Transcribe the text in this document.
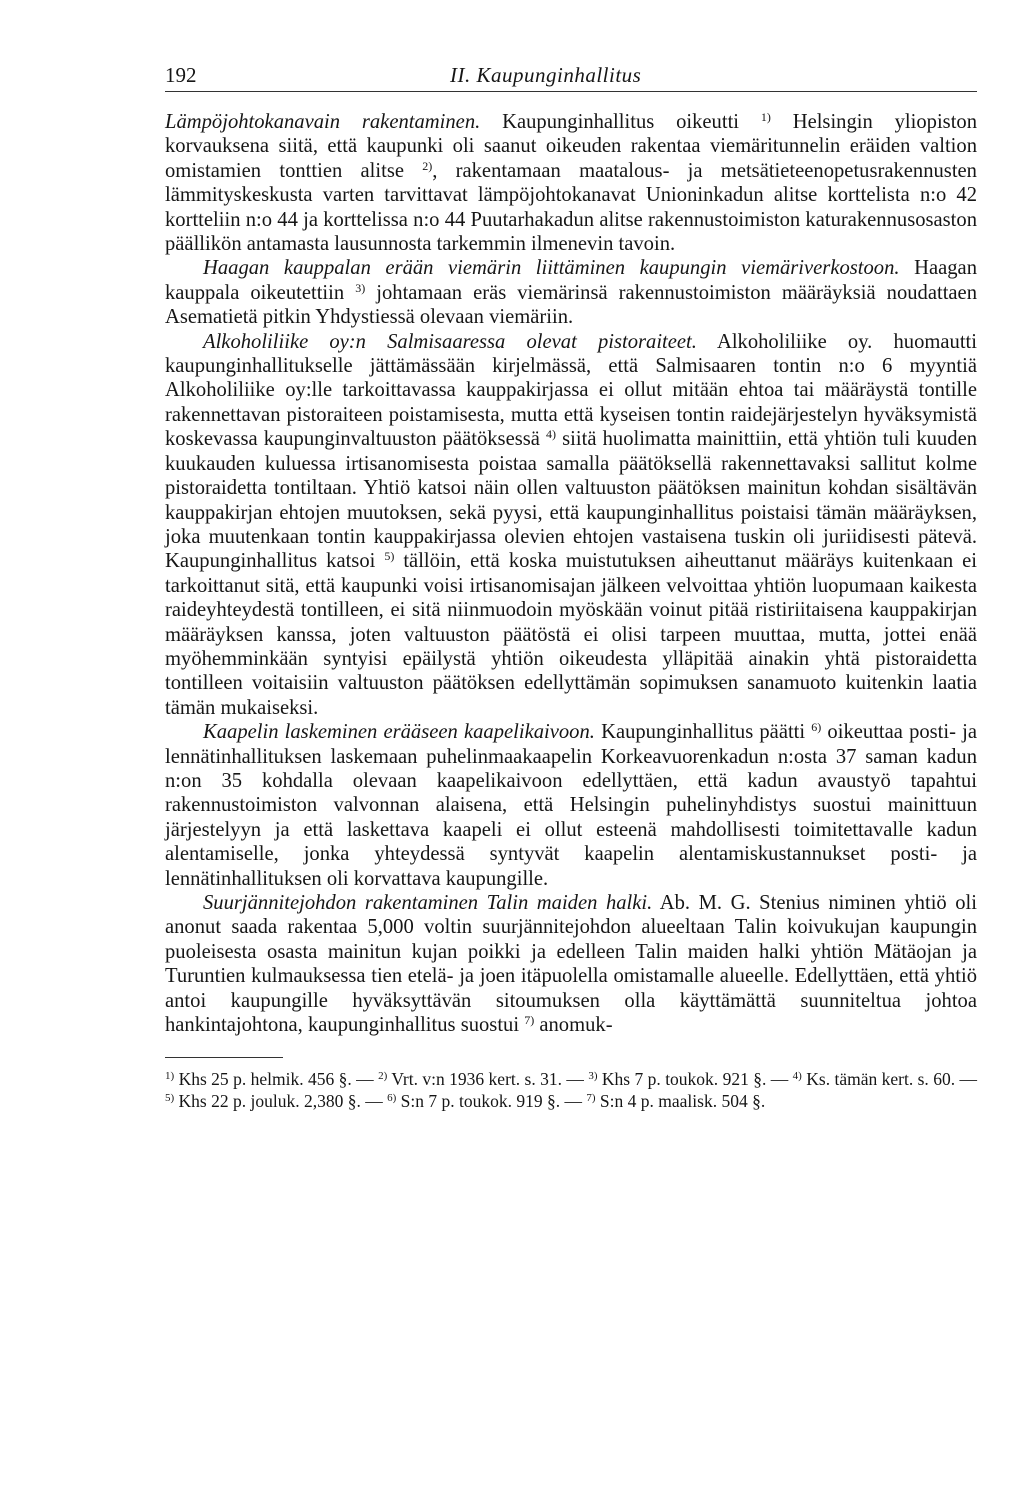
192	II. Kaupunginhallitus

Lämpöjohtokanavain rakentaminen. Kaupunginhallitus oikeutti $^{1)}$ Helsingin yliopiston korvauksena siitä, että kaupunki oli saanut oikeuden rakentaa viemäritunnelin eräiden valtion omistamien tonttien alitse $^{2)}$, rakentamaan maatalous- ja metsätieteenopetusrakennusten lämmityskeskusta varten tarvittavat lämpöjohtokanavat Unioninkadun alitse korttelista n:o 42 kortteliin n:o 44 ja korttelissa n:o 44 Puutarhakadun alitse rakennustoimiston katurakennusosaston päällikön antamasta lausunnosta tarkemmin ilmenevin tavoin.

Haagan kauppalan erään viemärin liittäminen kaupungin viemäriverkostoon. Haagan kauppala oikeutettiin $^{3)}$ johtamaan eräs viemärinsä rakennustoimiston määräyksiä noudattaen Asematietä pitkin Yhdystiessä olevaan viemäriin.

Alkoholiliike oy:n Salmisaaressa olevat pistoraiteet. Alkoholiliike oy. huomautti kaupunginhallitukselle jättämässään kirjelmässä, että Salmisaaren tontin n:o 6 myyntiä Alkoholiliike oy:lle tarkoittavassa kauppakirjassa ei ollut mitään ehtoa tai määräystä tontille rakennettavan pistoraiteen poistamisesta, mutta että kyseisen tontin raidejärjestelyn hyväksymistä koskevassa kaupunginvaltuuston päätöksessä $^{4)}$ siitä huolimatta mainittiin, että yhtiön tuli kuuden kuukauden kuluessa irtisanomisesta poistaa samalla päätöksellä rakennettavaksi sallitut kolme pistoraidetta tontiltaan. Yhtiö katsoi näin ollen valtuuston päätöksen mainitun kohdan sisältävän kauppakirjan ehtojen muutoksen, sekä pyysi, että kaupunginhallitus poistaisi tämän määräyksen, joka muutenkaan tontin kauppakirjassa olevien ehtojen vastaisena tuskin oli juriidisesti pätevä. Kaupunginhallitus katsoi $^{5)}$ tällöin, että koska muistutuksen aiheuttanut määräys kuitenkaan ei tarkoittanut sitä, että kaupunki voisi irtisanomisajan jälkeen velvoittaa yhtiön luopumaan kaikesta raideyhteydestä tontilleen, ei sitä niinmuodoin myöskään voinut pitää ristiriitaisena kauppakirjan määräyksen kanssa, joten valtuuston päätöstä ei olisi tarpeen muuttaa, mutta, jottei enää myöhemminkään syntyisi epäilystä yhtiön oikeudesta ylläpitää ainakin yhtä pistoraidetta tontilleen voitaisiin valtuuston päätöksen edellyttämän sopimuksen sanamuoto kuitenkin laatia tämän mukaiseksi.

Kaapelin laskeminen erääseen kaapelikaivoon. Kaupunginhallitus päätti $^{6)}$ oikeuttaa posti- ja lennätinhallituksen laskemaan puhelinmaakaapelin Korkeavuorenkadun n:osta 37 saman kadun n:on 35 kohdalla olevaan kaapelikaivoon edellyttäen, että kadun avaustyö tapahtui rakennustoimiston valvonnan alaisena, että Helsingin puhelinyhdistys suostui mainittuun järjestelyyn ja että laskettava kaapeli ei ollut esteenä mahdollisesti toimitettavalle kadun alentamiselle, jonka yhteydessä syntyvät kaapelin alentamiskustannukset posti- ja lennätinhallituksen oli korvattava kaupungille.

Suurjännitejohdon rakentaminen Talin maiden halki. Ab. M. G. Stenius niminen yhtiö oli anonut saada rakentaa 5,000 voltin suurjännitejohdon alueeltaan Talin koivukujan kaupungin puoleisesta osasta mainitun kujan poikki ja edelleen Talin maiden halki yhtiön Mätäojan ja Turuntien kulmauksessa tien etelä- ja joen itäpuolella omistamalle alueelle. Edellyttäen, että yhtiö antoi kaupungille hyväksyttävän sitoumuksen olla käyttämättä suunniteltua johtoa hankintajohtona, kaupunginhallitus suostui $^{7)}$ anomuk-

$^{1)}$ Khs 25 p. helmik. 456 §. — $^{2)}$ Vrt. v:n 1936 kert. s. 31. — $^{3)}$ Khs 7 p. toukok. 921 §. — $^{4)}$ Ks. tämän kert. s. 60. — $^{5)}$ Khs 22 p. jouluk. 2,380 §. — $^{6)}$ S:n 7 p. toukok. 919 §. — $^{7)}$ S:n 4 p. maalisk. 504 §.
